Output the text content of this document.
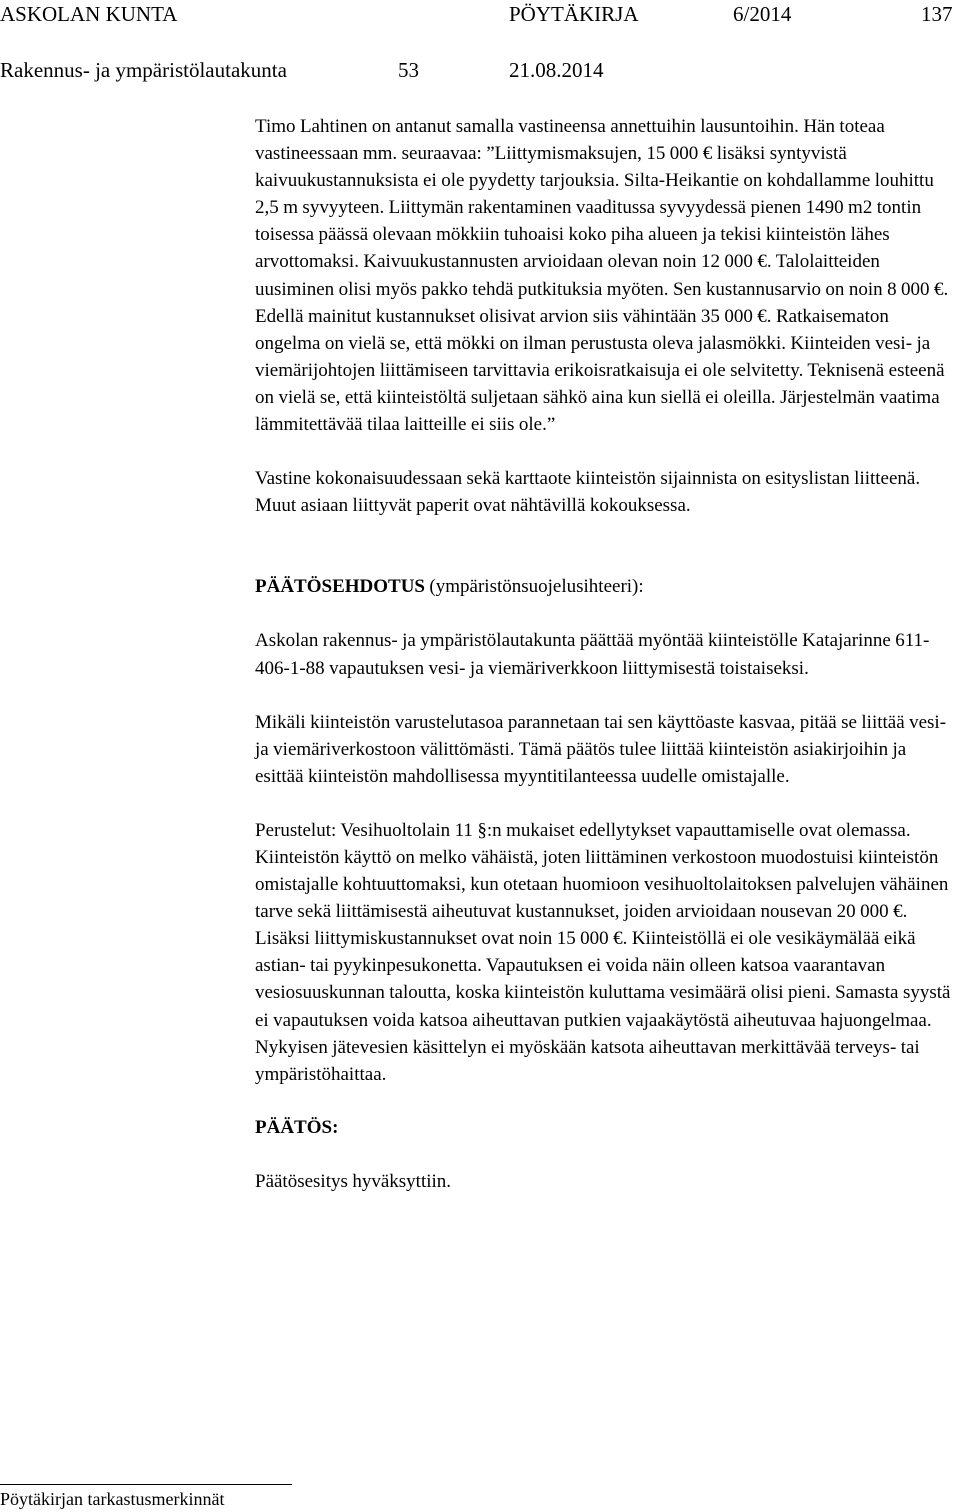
ASKOLAN KUNTA	PÖYTÄKIRJA	6/2014	137
Rakennus- ja ympäristölautakunta	53	21.08.2014

Timo Lahtinen on antanut samalla vastineensa annettuihin lausuntoihin. Hän toteaa vastineessaan mm. seuraavaa: ”Liittymismaksujen, 15 000 € lisäksi syntyvistä kaivuukustannuksista ei ole pyydetty tarjouksia. Silta-Heikantie on kohdallamme louhittu 2,5 m syvyyteen. Liittymän rakentaminen vaaditussa syvyydessä pienen 1490 m2 tontin toisessa päässä olevaan mökkiin tuhoaisi koko piha alueen ja tekisi kiinteistön lähes arvottomaksi. Kaivuukustannusten arvioidaan olevan noin 12 000 €. Talolaitteiden uusiminen olisi myös pakko tehdä putkituksia myöten. Sen kustannusarvio on noin 8 000 €. Edellä mainitut kustannukset olisivat arvion siis vähintään 35 000 €. Ratkaisematon ongelma on vielä se, että mökki on ilman perustusta oleva jalasmökki. Kiinteiden vesi- ja viemärijohtojen liittämiseen tarvittavia erikoisratkaisuja ei ole selvitetty. Teknisenä esteenä on vielä se, että kiinteistöltä suljetaan sähkö aina kun siellä ei oleilla. Järjestelmän vaatima lämmitettävää tilaa laitteille ei siis ole.”

Vastine kokonaisuudessaan sekä karttaote kiinteistön sijainnista on esityslistan liitteenä. Muut asiaan liittyvät paperit ovat nähtävillä kokouksessa.

PÄÄTÖSEHDOTUS (ympäristönsuojelusihteeri):

Askolan rakennus- ja ympäristölautakunta päättää myöntää kiinteistölle Katajarinne 611-406-1-88 vapautuksen vesi- ja viemäriverkkoon liittymisestä toistaiseksi.

Mikäli kiinteistön varustelutasoa parannetaan tai sen käyttöaste kasvaa, pitää se liittää vesi- ja viemäriverkostoon välittömästi. Tämä päätös tulee liittää kiinteistön asiakirjoihin ja esittää kiinteistön mahdollisessa myyntitilanteessa uudelle omistajalle.

Perustelut: Vesihuoltolain 11 §:n mukaiset edellytykset vapauttamiselle ovat olemassa. Kiinteistön käyttö on melko vähäistä, joten liittäminen verkostoon muodostuisi kiinteistön omistajalle kohtuuttomaksi, kun otetaan huomioon vesihuoltolaitoksen palvelujen vähäinen tarve sekä liittämisestä aiheutuvat kustannukset, joiden arvioidaan nousevan 20 000 €. Lisäksi liittymiskustannukset ovat noin 15 000 €. Kiinteistöllä ei ole vesikäymälää eikä astian- tai pyykinpesukonetta. Vapautuksen ei voida näin olleen katsoa vaarantavan vesiosuuskunnan taloutta, koska kiinteistön kuluttama vesimäärä olisi pieni. Samasta syystä ei vapautuksen voida katsoa aiheuttavan putkien vajaakäytöstä aiheutuvaa hajuongelmaa.

Nykyisen jätevesien käsittelyn ei myöskään katsota aiheuttavan merkittävää terveys- tai ympäristöhaittaa.

PÄÄTÖS:

Päätösesitys hyväksyttiin.

Pöytäkirjan tarkastusmerkinnät
